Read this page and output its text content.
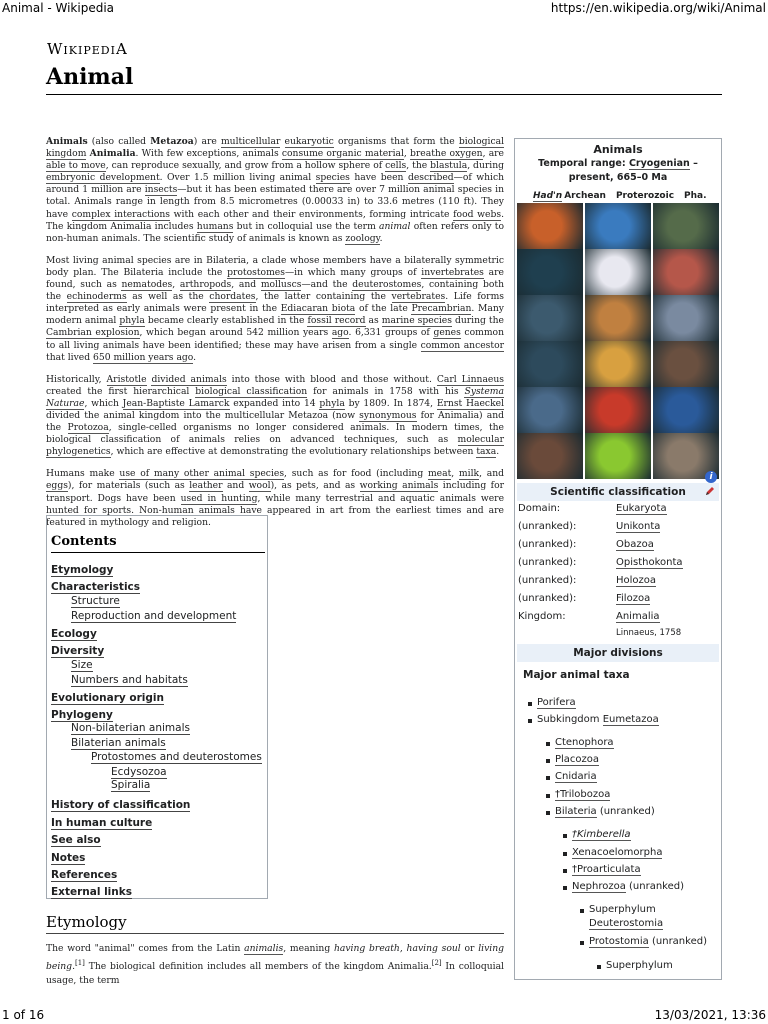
Animal - Wikipedia	https://en.wikipedia.org/wiki/Animal
WIKIPEDIA
Animal

Animals (also called Metazoa) are multicellular eukaryotic organisms that form the biological kingdom Animalia. With few exceptions, animals consume organic material, breathe oxygen, are able to move, can reproduce sexually, and grow from a hollow sphere of cells, the blastula, during embryonic development. Over 1.5 million living animal species have been described—of which around 1 million are insects—but it has been estimated there are over 7 million animal species in total. Animals range in length from 8.5 micrometres (0.00033 in) to 33.6 metres (110 ft). They have complex interactions with each other and their environments, forming intricate food webs. The kingdom Animalia includes humans but in colloquial use the term animal often refers only to non-human animals. The scientific study of animals is known as zoology.

Most living animal species are in Bilateria, a clade whose members have a bilaterally symmetric body plan. The Bilateria include the protostomes—in which many groups of invertebrates are found, such as nematodes, arthropods, and molluscs—and the deuterostomes, containing both the echinoderms as well as the chordates, the latter containing the vertebrates. Life forms interpreted as early animals were present in the Ediacaran biota of the late Precambrian. Many modern animal phyla became clearly established in the fossil record as marine species during the Cambrian explosion, which began around 542 million years ago. 6,331 groups of genes common to all living animals have been identified; these may have arisen from a single common ancestor that lived 650 million years ago.

Historically, Aristotle divided animals into those with blood and those without. Carl Linnaeus created the first hierarchical biological classification for animals in 1758 with his Systema Naturae, which Jean-Baptiste Lamarck expanded into 14 phyla by 1809. In 1874, Ernst Haeckel divided the animal kingdom into the multicellular Metazoa (now synonymous for Animalia) and the Protozoa, single-celled organisms no longer considered animals. In modern times, the biological classification of animals relies on advanced techniques, such as molecular phylogenetics, which are effective at demonstrating the evolutionary relationships between taxa.

Humans make use of many other animal species, such as for food (including meat, milk, and eggs), for materials (such as leather and wool), as pets, and as working animals including for transport. Dogs have been used in hunting, while many terrestrial and aquatic animals were hunted for sports. Non-human animals have appeared in art from the earliest times and are featured in mythology and religion.

Contents
Etymology
Characteristics
Structure
Reproduction and development
Ecology
Diversity
Size
Numbers and habitats
Evolutionary origin
Phylogeny
Non-bilaterian animals
Bilaterian animals
Protostomes and deuterostomes
Ecdysozoa
Spiralia
History of classification
In human culture
See also
Notes
References
External links
Etymology
The word "animal" comes from the Latin animalis, meaning having breath, having soul or living being.[1] The biological definition includes all members of the kingdom Animalia.[2] In colloquial usage, the term
Animals
Temporal range: Cryogenian – present, 665–0 Ma
Had'n Archean Proterozoic Pha.
i
Scientific classification
Domain:	Eukaryota
(unranked):	Unikonta
(unranked):	Obazoa
(unranked):	Opisthokonta
(unranked):	Holozoa
(unranked):	Filozoa
Kingdom:	Animalia
Linnaeus, 1758
Major divisions
Major animal taxa
Porifera
Subkingdom Eumetazoa
Ctenophora
Placozoa
Cnidaria
†Trilobozoa
Bilateria (unranked)
†Kimberella
Xenacoelomorpha
†Proarticulata
Nephrozoa (unranked)
Superphylum
Deuterostomia
Protostomia (unranked)
Superphylum
1 of 16	13/03/2021, 13:36
